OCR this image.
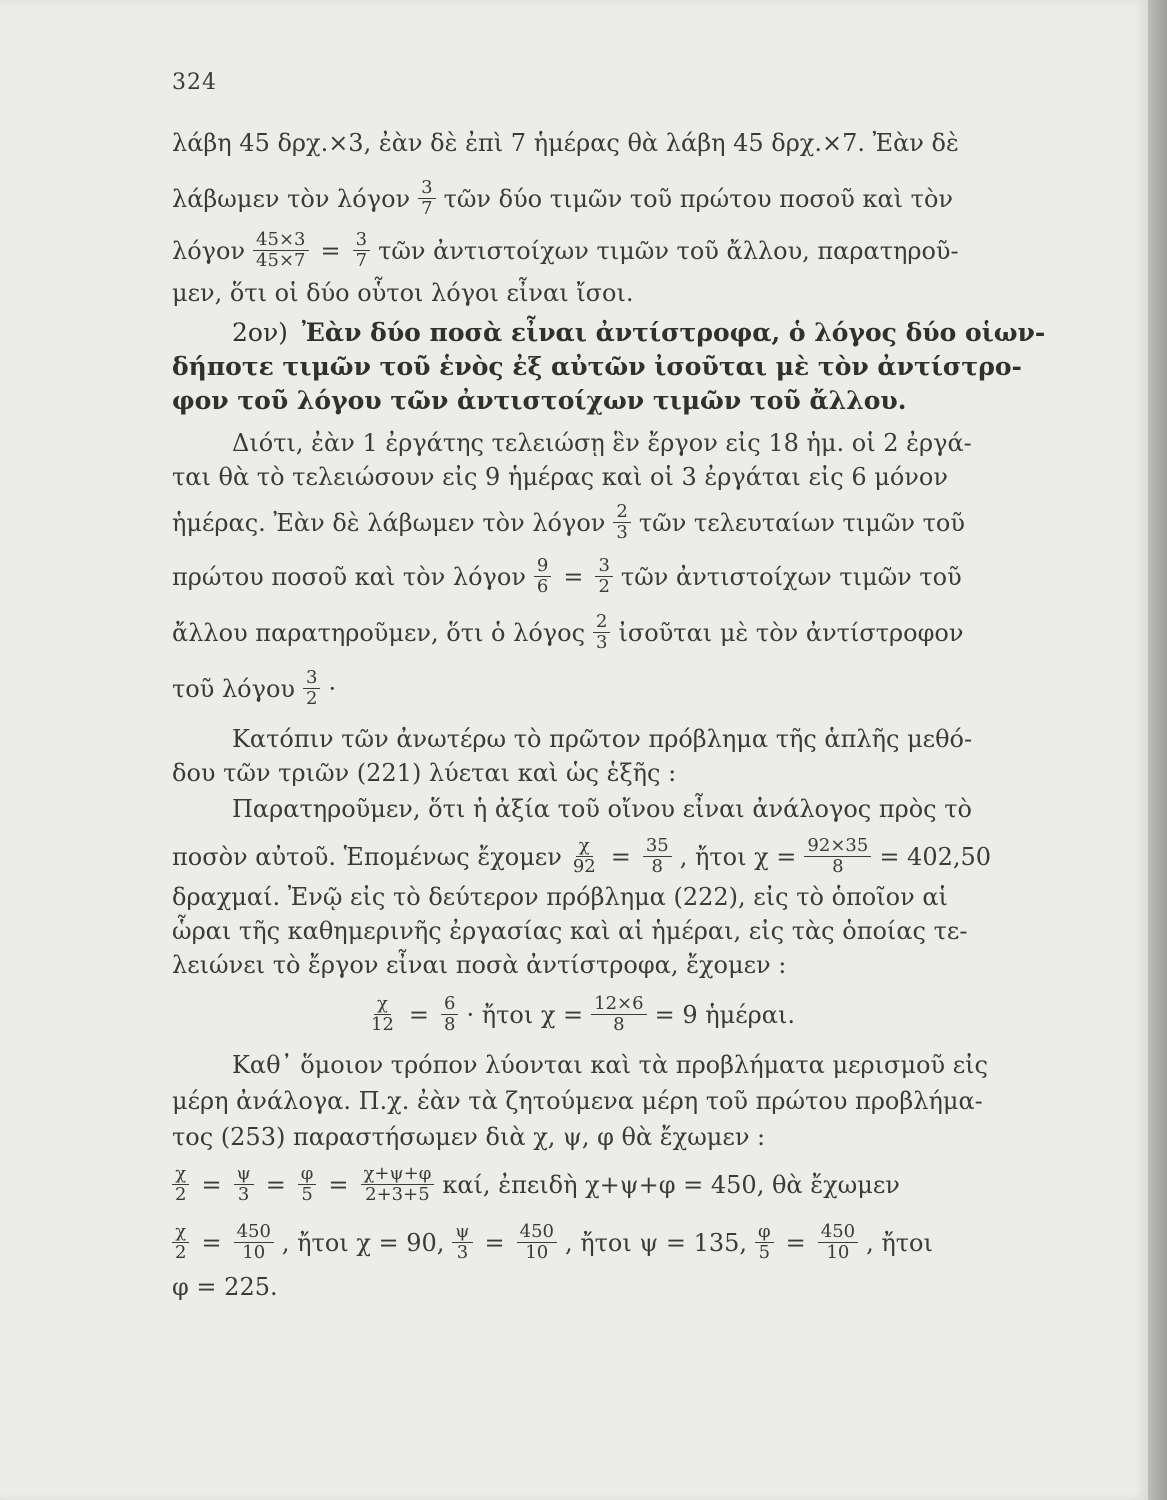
324
λάβη 45 δρχ.×3, ἐὰν δὲ ἐπὶ 7 ἡμέρας θὰ λάβη 45 δρχ.×7. Ἐὰν δὲ
λάβωμεν τὸν λόγον $\frac{3}{7}$ τῶν δύο τιμῶν τοῦ πρώτου ποσοῦ καὶ τὸν
λόγον $\frac{45\times 3}{45\times 7} = \frac{3}{7}$ τῶν ἀντιστοίχων τιμῶν τοῦ ἄλλου, παρατηροῦ-
μεν, ὅτι οἱ δύο οὗτοι λόγοι εἶναι ἴσοι.
2ον) Ἐὰν δύο ποσὰ εἶναι ἀντίστροφα, ὁ λόγος δύο οἱων-
δήποτε τιμῶν τοῦ ἑνὸς ἐξ αὐτῶν ἰσοῦται μὲ τὸν ἀντίστρο-
φον τοῦ λόγου τῶν ἀντιστοίχων τιμῶν τοῦ ἄλλου.
Διότι, ἐὰν 1 ἐργάτης τελειώσῃ ἓν ἔργον εἰς 18 ἡμ. οἱ 2 ἐργά-
ται θὰ τὸ τελειώσουν εἰς 9 ἡμέρας καὶ οἱ 3 ἐργάται εἰς 6 μόνον
ἡμέρας. Ἐὰν δὲ λάβωμεν τὸν λόγον $\frac{2}{3}$ τῶν τελευταίων τιμῶν τοῦ
πρώτου ποσοῦ καὶ τὸν λόγον $\frac{9}{6} = \frac{3}{2}$ τῶν ἀντιστοίχων τιμῶν τοῦ
ἄλλου παρατηροῦμεν, ὅτι ὁ λόγος $\frac{2}{3}$ ἰσοῦται μὲ τὸν ἀντίστροφον
τοῦ λόγου $\frac{3}{2}$ ·
Κατόπιν τῶν ἀνωτέρω τὸ πρῶτον πρόβλημα τῆς ἁπλῆς μεθό-
δου τῶν τριῶν (221) λύεται καὶ ὡς ἑξῆς :
Παρατηροῦμεν, ὅτι ἡ ἀξία τοῦ οἴνου εἶναι ἀνάλογος πρὸς τὸ
ποσὸν αὐτοῦ. Ἑπομένως ἔχομεν $\frac{\chi}{92} = \frac{35}{8}$ , ἤτοι $\chi = \frac{92\times 35}{8} = 402,50$
δραχμαί. Ἐνῷ εἰς τὸ δεύτερον πρόβλημα (222), εἰς τὸ ὁποῖον αἱ
ὧραι τῆς καθημερινῆς ἐργασίας καὶ αἱ ἡμέραι, εἰς τὰς ὁποίας τε-
λειώνει τὸ ἔργον εἶναι ποσὰ ἀντίστροφα, ἔχομεν :
$\frac{\chi}{12} = \frac{6}{8}$ · ἤτοι $\chi = \frac{12\times 6}{8} = 9$ ἡμέραι.
Καθ᾽ ὅμοιον τρόπον λύονται καὶ τὰ προβλήματα μερισμοῦ εἰς
μέρη ἀνάλογα. Π.χ. ἐὰν τὰ ζητούμενα μέρη τοῦ πρώτου προβλήμα-
τος (253) παραστήσωμεν διὰ χ, ψ, φ θὰ ἔχωμεν :
$\frac{\chi}{2} = \frac{\psi}{3} = \frac{\varphi}{5} = \frac{\chi+\psi+\varphi}{2+3+5} \kappa\alpha ί$, ἐπειδὴ χ+ψ+φ = 450, θὰ ἔχωμεν
$\frac{\chi}{2} = \frac{450}{10}$ , ἤτοι χ = 90, $\frac{\psi}{3} = \frac{450}{10}$ , ἤτοι ψ = 135, $\frac{\varphi}{5} = \frac{450}{10}$ , ἤτοι
φ = 225.
